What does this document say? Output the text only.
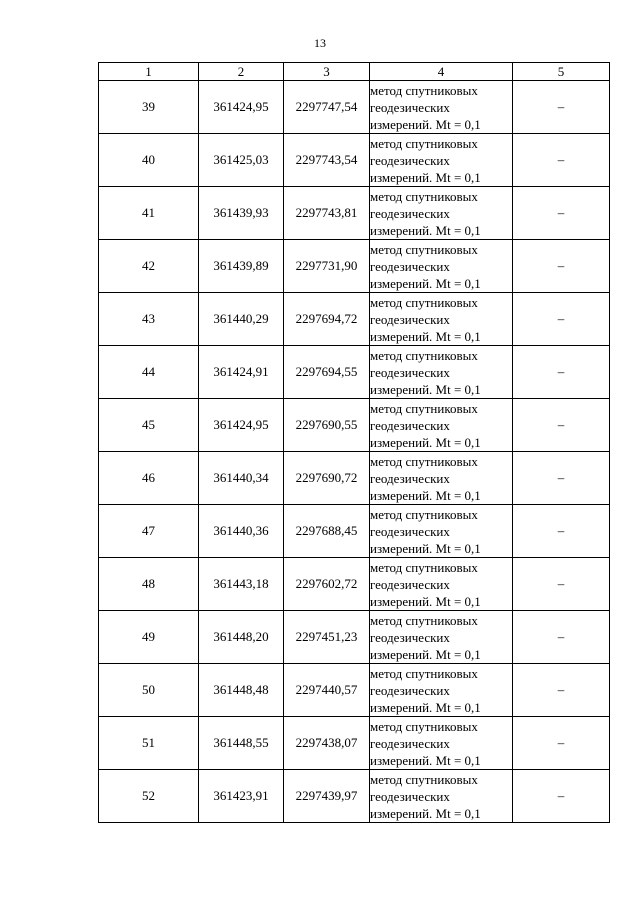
13
1	2	3	4	5
39	361424,95	2297747,54	метод спутниковых
геодезических
измерений. Mt = 0,1	–
40	361425,03	2297743,54	метод спутниковых
геодезических
измерений. Mt = 0,1	–
41	361439,93	2297743,81	метод спутниковых
геодезических
измерений. Mt = 0,1	–
42	361439,89	2297731,90	метод спутниковых
геодезических
измерений. Mt = 0,1	–
43	361440,29	2297694,72	метод спутниковых
геодезических
измерений. Mt = 0,1	–
44	361424,91	2297694,55	метод спутниковых
геодезических
измерений. Mt = 0,1	–
45	361424,95	2297690,55	метод спутниковых
геодезических
измерений. Mt = 0,1	–
46	361440,34	2297690,72	метод спутниковых
геодезических
измерений. Mt = 0,1	–
47	361440,36	2297688,45	метод спутниковых
геодезических
измерений. Mt = 0,1	–
48	361443,18	2297602,72	метод спутниковых
геодезических
измерений. Mt = 0,1	–
49	361448,20	2297451,23	метод спутниковых
геодезических
измерений. Mt = 0,1	–
50	361448,48	2297440,57	метод спутниковых
геодезических
измерений. Mt = 0,1	–
51	361448,55	2297438,07	метод спутниковых
геодезических
измерений. Mt = 0,1	–
52	361423,91	2297439,97	метод спутниковых
геодезических
измерений. Mt = 0,1	–
